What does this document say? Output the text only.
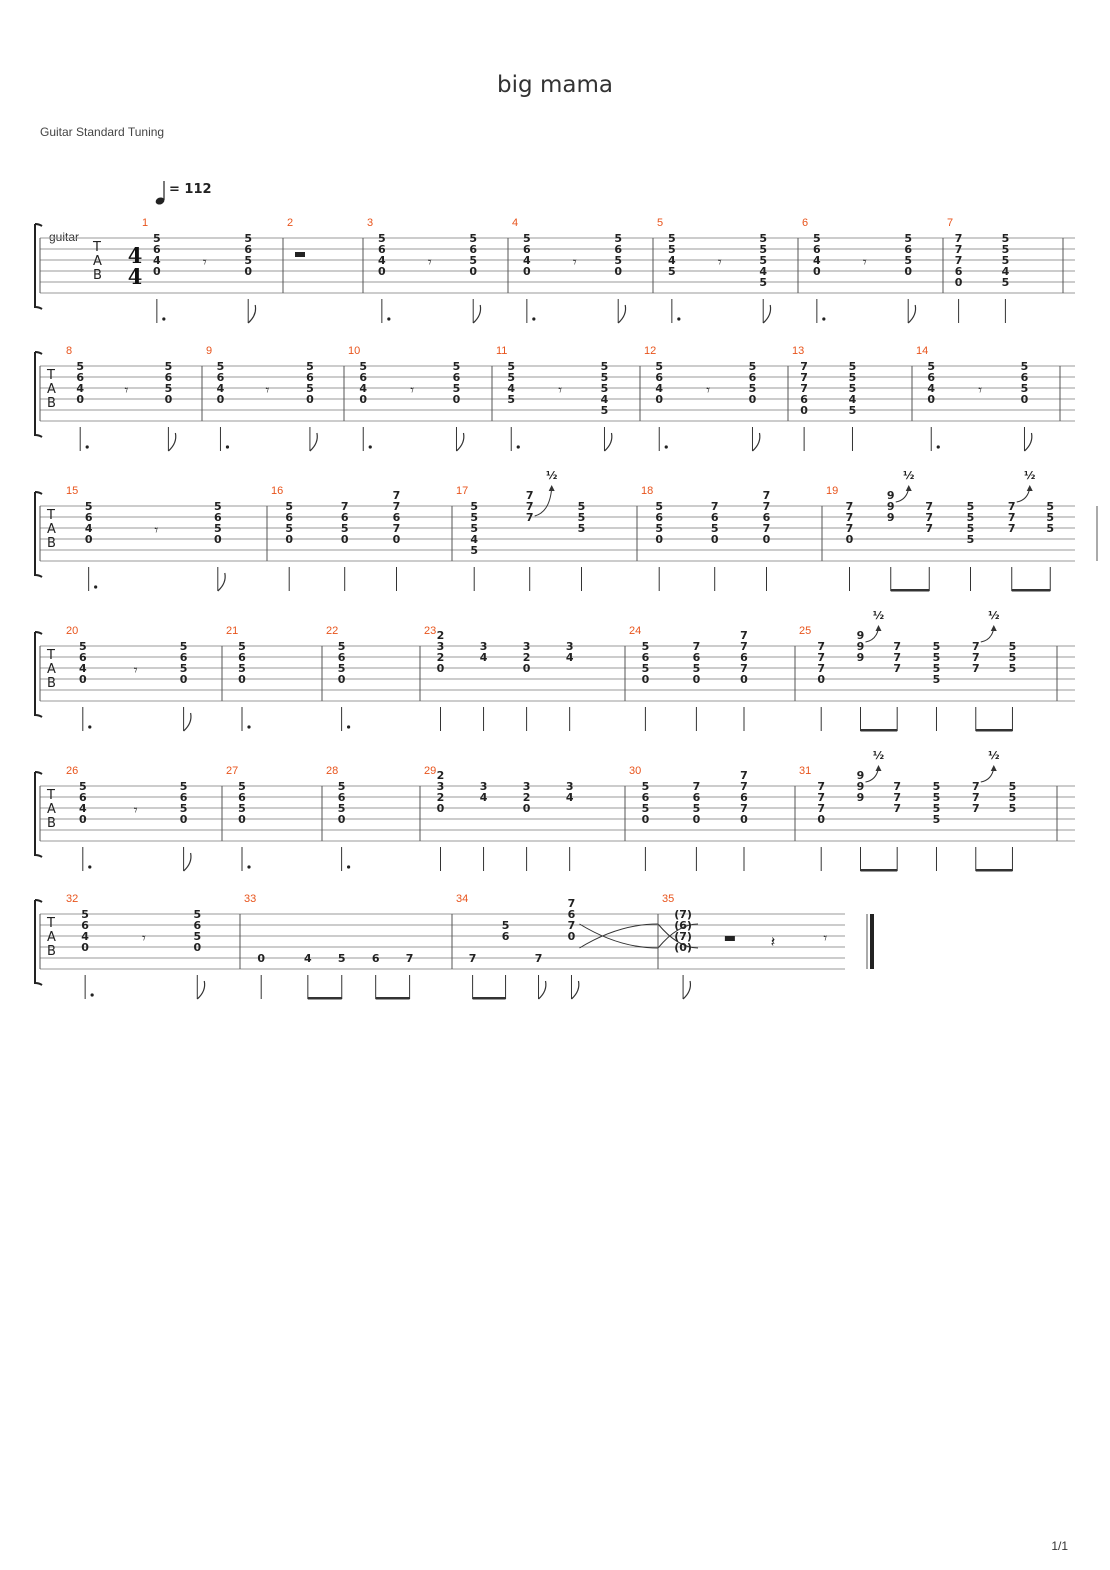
big mama
Guitar Standard Tuning
guitar
T
A
B
4
4
= 112
1
𝄾
5
6
4
0
5
6
5
0
2	3
𝄾
5
6
4
0
5
6
5
0
4
𝄾
5
6
4
0
5
6
5
0
5
𝄾
5
5
4
5
5
5
5
4
5
6
𝄾
5
6
4
0
5
6
5
0
7
7
7
7
6
0
5
5
5
4
5
T
A
B
8
𝄾
5
6
4
0
5
6
5
0
9
𝄾
5
6
4
0
5
6
5
0
10
𝄾
5
6
4
0
5
6
5
0
11
𝄾
5
5
4
5
5
5
5
4
5
12
𝄾
5
6
4
0
5
6
5
0
13
7
7
7
6
0
5
5
5
4
5
14
𝄾
5
6
4
0
5
6
5
0
T
A
B
15
𝄾
5
6
4
0
5
6
5
0
16
5
6
5
0
7
6
5
0
7
7
6
7
0
17
5
5
5
4
5
7
7
7
5
5
5
½
18
5
6
5
0
7
6
5
0
7
7
6
7
0
19
7
7
7
0
9
9
9
7
7
7
5
5
5
5
7
7
7
5
5
5
½	½
T
A
B
20
𝄾
5
6
4
0
5
6
5
0
21
5
6
5
0
22
5
6
5
0
23 2
3
2
0
3
4
3
2
0
3
4
24
5
6
5
0
7
6
5
0
7
7
6
7
0
25
7
7
7
0
9
9
9
7
7
7
5
5
5
5
7
7
7
5
5
5
½	½
T
A
B
26
𝄾
5
6
4
0
5
6
5
0
27
5
6
5
0
28
5
6
5
0
29 2
3
2
0
3
4
3
2
0
3
4
30
5
6
5
0
7
6
5
0
7
7
6
7
0
31
7
7
7
0
9
9
9
7
7
7
5
5
5
5
7
7
7
5
5
5
½	½
T
A
B
32
𝄾
5
6
4
0
5
6
5
0
33
0	4 5 6 7
34
7
5
6
7
7
6
7
0
35
(7)
(6)
(7)
(0)	𝄽	𝄾
1/1
